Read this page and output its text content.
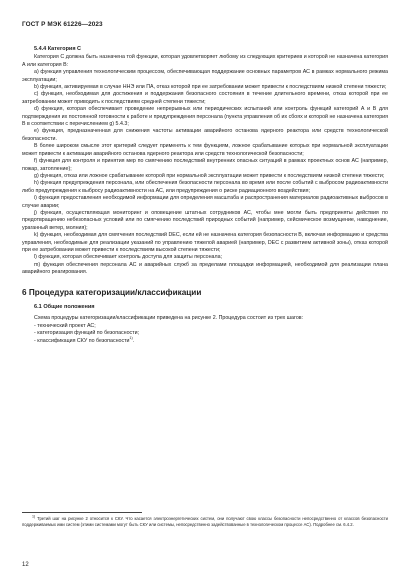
ГОСТ Р МЭК 61226—2023
5.4.4 Категория С

Категория С должна быть назначена той функции, которая удовлетворяет любому из следующих критериев и которой не назначена категория А или категория В:

a) функция управления технологическим процессом, обеспечивающая поддержание основных параметров АС в рамках нормального режима эксплуатации;

b) функция, активируемая в случае ННЭ или ПА, отказ которой при ее затребовании может привести к последствиям низкой степени тяжести;

c) функция, необходимая для достижения и поддержания безопасного состояния в течение длительного времени, отказ которой при ее затребовании может приводить к последствиям средней степени тяжести;

d) функция, которая обеспечивает проведение непрерывных или периодических испытаний или контроль функций категорий А и В для подтверждения их постоянной готовности к работе и предупреждения персонала (пункта управления об их сбоях и которой не назначена категория В в соответствии с перечислением g) 5.4.3;

e) функция, предназначенная для снижения частоты активации аварийного останова ядерного реактора или средств технологической безопасности.

В более широком смысле этот критерий следует применять к тем функциям, ложное срабатывание которых при нормальной эксплуатации может привести к активации аварийного останова ядерного реактора или средств технологической безопасности;

f) функция для контроля и принятия мер по смягчению последствий внутренних опасных ситуаций в рамках проектных основ АС (например, пожар, затопление);

g) функция, отказ или ложное срабатывание которой при нормальной эксплуатации может привести к последствиям низкой степени тяжести;

h) функция предупреждения персонала, или обеспечения безопасности персонала во время или после событий с выбросом радиоактивности либо предупреждения к выбросу радиоактивности на АС, или предупреждения о риске радиационного воздействия;

i) функция предоставления необходимой информации для определения масштаба и распространения материалов радиоактивных выбросов в случае аварии;

j) функция, осуществляющая мониторинг и оповещение штатных сотрудников АС, чтобы мне могли быть предприняты действия по предотвращению небезопасных условий или по смягчению последствий природных событий (например, сейсмическое возмущение, наводнение, ураганный ветер, молния);

k) функция, необходимая для смягчения последствий DEC, если ей не назначена категория безопасности В, включая информацию и средства управления, необходимые для реализации указаний по управлению тяжелой аварией (например, DEC с развитием активной зоны), отказ которой при ее затребовании может привести к последствиям высокой степени тяжести;

l) функция, которая обеспечивает контроль доступа для защиты персонала;

m) функция обеспечения персонала АС и аварийных служб за пределами площадки информацией, необходимой для реализации плана аварийного реагирования.

6 Процедура категоризации/классификации
6.1 Общие положения

Схема процедуры категоризации/классификации приведена на рисунке 2. Процедура состоит из трех шагов:

- технический проект АС;
- категоризация функций по безопасности;
- классификация СКУ по безопасности$^{1)}$.
1) Третий шаг на рисунке 2 относится к СКУ. Что касается электроэнергетических систем, они получают свою классы безопасности непосредственно от классов безопасности поддерживаемых ими систем (этими системами могут быть СКУ или системы, непосредственно задействованные в технологическом процессе АС). Подробнее см. 6.4.2.
12
